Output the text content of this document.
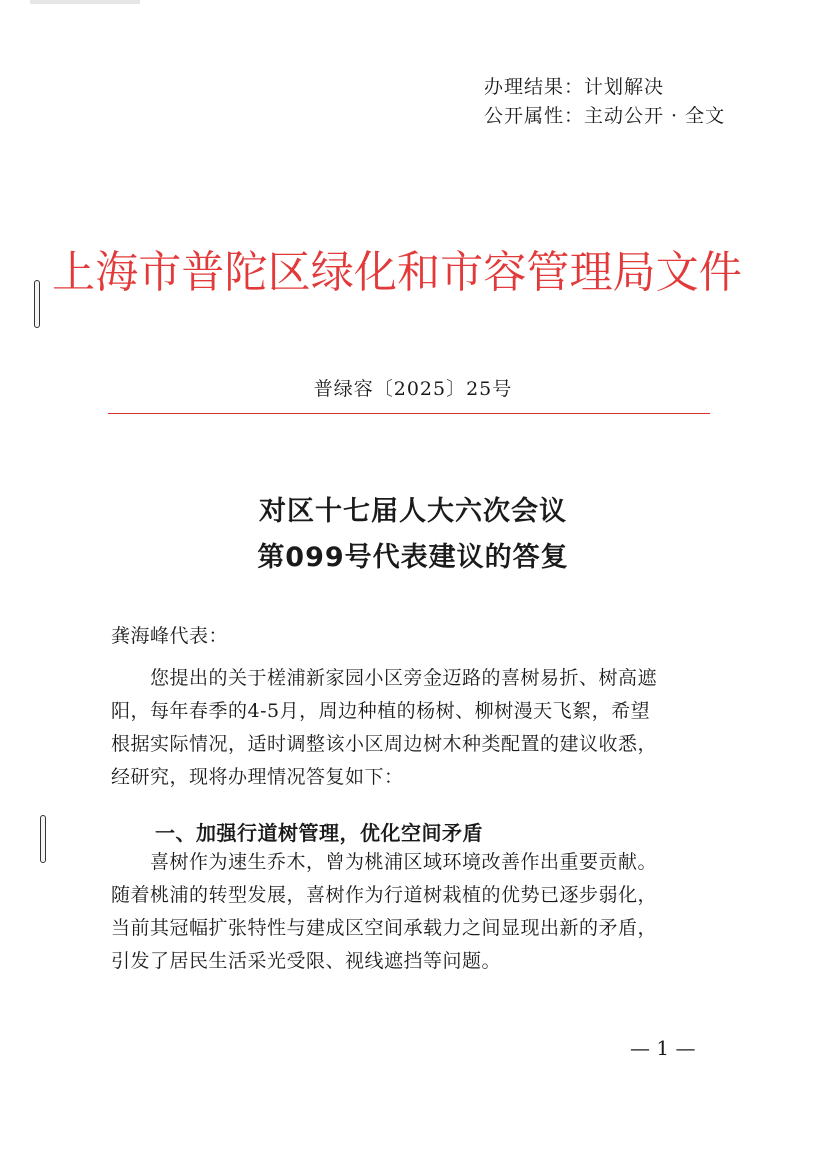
办理结果：计划解决
公开属性：主动公开 · 全文
上海市普陀区绿化和市容管理局文件
普绿容〔2025〕25号
对区十七届人大六次会议
第099号代表建议的答复
龚海峰代表：
　　您提出的关于槎浦新家园小区旁金迈路的喜树易折、树高遮
阳，每年春季的4-5月，周边种植的杨树、柳树漫天飞絮，希望
根据实际情况，适时调整该小区周边树木种类配置的建议收悉，
经研究，现将办理情况答复如下：
一、加强行道树管理，优化空间矛盾
　　喜树作为速生乔木，曾为桃浦区域环境改善作出重要贡献。
随着桃浦的转型发展，喜树作为行道树栽植的优势已逐步弱化，
当前其冠幅扩张特性与建成区空间承载力之间显现出新的矛盾，
引发了居民生活采光受限、视线遮挡等问题。
— 1 —
